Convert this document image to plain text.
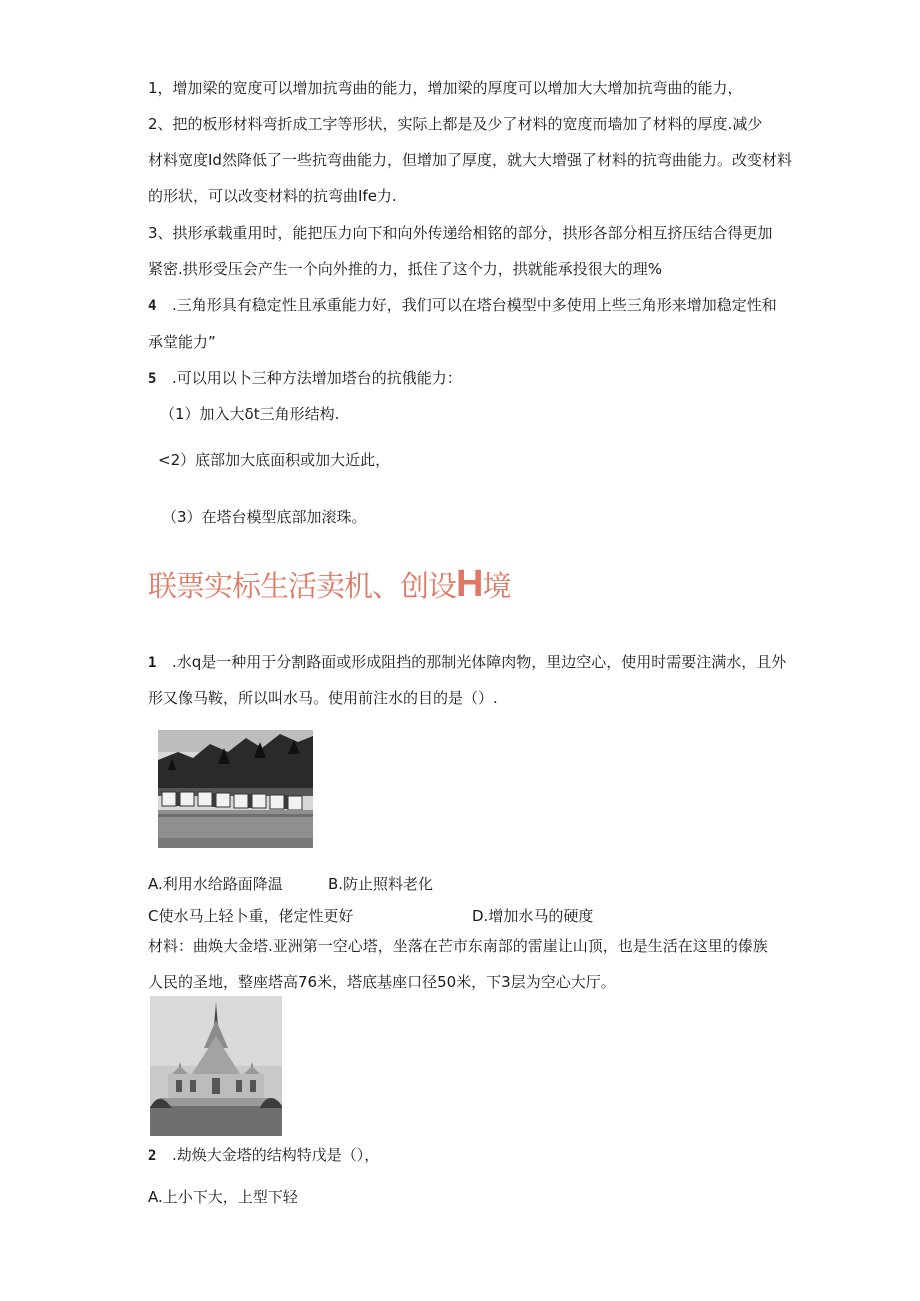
1，增加梁的宽度可以增加抗弯曲的能力，增加梁的厚度可以增加大大增加抗弯曲的能力，
2、把的板形材料弯折成工字等形状，实际上都是及少了材料的宽度而墙加了材料的厚度.减少
材料宽度Id然降低了一些抗弯曲能力，但增加了厚度，就大大增强了材料的抗弯曲能力。改变材料
的形状，可以改变材料的抗弯曲Ife力.
3、拱形承载重用时，能把压力向下和向外传递给相铭的部分，拱形各部分相互挤压结合得更加
紧密.拱形受压会产生一个向外推的力，抵住了这个力，拱就能承投很大的理%
4 .三角形具有稳定性且承重能力好，我们可以在塔台模型中多使用上些三角形来增加稳定性和
承堂能力”
5 .可以用以卜三种方法增加塔台的抗俄能力：
（1）加入大δt三角形结构.
<2）底部加大底面积或加大近此，
（3）在塔台模型底部加滚珠。
联票实标生活卖机、创设H境
1 .水q是一种用于分割路面或形成阻挡的那制光体障肉物，里边空心，使用时需要注满水，且外
形又像马鞍，所以叫水马。使用前注水的目的是（）.
A.利用水给路面降温	B.防止照料老化
C使水马上轻卜重，佬定性更好	D.增加水马的硬度
材料：曲焕大金塔.亚洲第一空心塔，坐落在芒市东南部的雷崖让山顶，也是生活在这里的傣族
人民的圣地，整座塔高76米，塔底基座口径50米，下3层为空心大厅。
2 .劫焕大金塔的结构特戊是（），
A.上小下大，上型下轻
